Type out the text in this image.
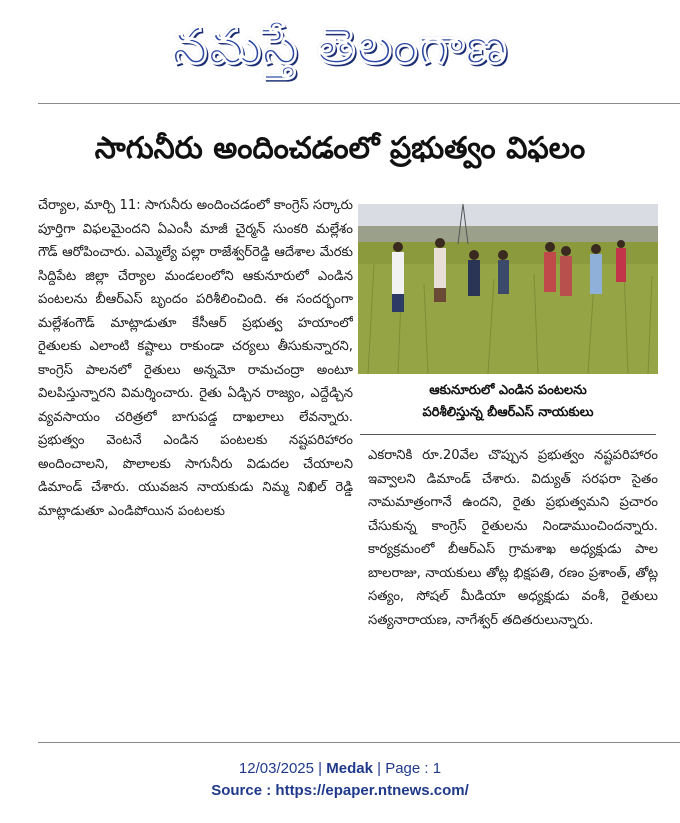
నమస్తే తెలంగాణ
సాగునీరు అందించడంలో ప్రభుత్వం విఫలం
చేర్యాల, మార్చి 11: సాగునీరు అందించడంలో కాంగ్రెస్ సర్కారు పూర్తిగా విఫలమైందని ఏఎంసీ మాజీ చైర్మన్ సుంకరి మల్లేశం గౌడ్ ఆరోపించారు. ఎమ్మెల్యే పల్లా రాజేశ్వర్‌రెడ్డి ఆదేశాల మేరకు సిద్దిపేట జిల్లా చేర్యాల మండలంలోని ఆకునూరులో ఎండిన పంటలను బీఆర్‌ఎస్ బృందం పరిశీలించింది. ఈ సందర్భంగా మల్లేశంగౌడ్ మాట్లాడుతూ కేసీఆర్ ప్రభుత్వ హయాంలో రైతులకు ఎలాంటి కష్టాలు రాకుండా చర్యలు తీసుకున్నారని, కాంగ్రెస్ పాలనలో రైతులు అన్నమో రామచంద్రా అంటూ విలపిస్తున్నారని విమర్శించారు. రైతు ఏడ్చిన రాజ్యం, ఎద్దేడ్చిన వ్యవసాయం చరిత్రలో బాగుపడ్డ దాఖలాలు లేవన్నారు. ప్రభుత్వం వెంటనే ఎండిన పంటలకు నష్టపరిహారం అందించాలని, పొలాలకు సాగునీరు విడుదల చేయాలని డిమాండ్ చేశారు. యువజన నాయకుడు నిమ్మ నిఖిల్ రెడ్డి మాట్లాడుతూ ఎండిపోయిన పంటలకు
ఆకునూరులో ఎండిన పంటలను
పరిశీలిస్తున్న బీఆర్‌ఎస్ నాయకులు
ఎకరానికి రూ.20వేల చొప్పున ప్రభుత్వం నష్టపరిహారం ఇవ్వాలని డిమాండ్ చేశారు. విద్యుత్ సరఫరా సైతం నామమాత్రంగానే ఉందని, రైతు ప్రభుత్వమని ప్రచారం చేసుకున్న కాంగ్రెస్ రైతులను నిండాముంచిందన్నారు. కార్యక్రమంలో బీఆర్‌ఎస్ గ్రామశాఖ అధ్యక్షుడు పాల బాలరాజు, నాయకులు తోట్ల భిక్షపతి, రణం ప్రశాంత్, తోట్ల సత్యం, సోషల్ మీడియా అధ్యక్షుడు వంశీ, రైతులు సత్యనారాయణ, నాగేశ్వర్ తదితరులున్నారు.
12/03/2025 | Medak | Page : 1
Source : https://epaper.ntnews.com/
